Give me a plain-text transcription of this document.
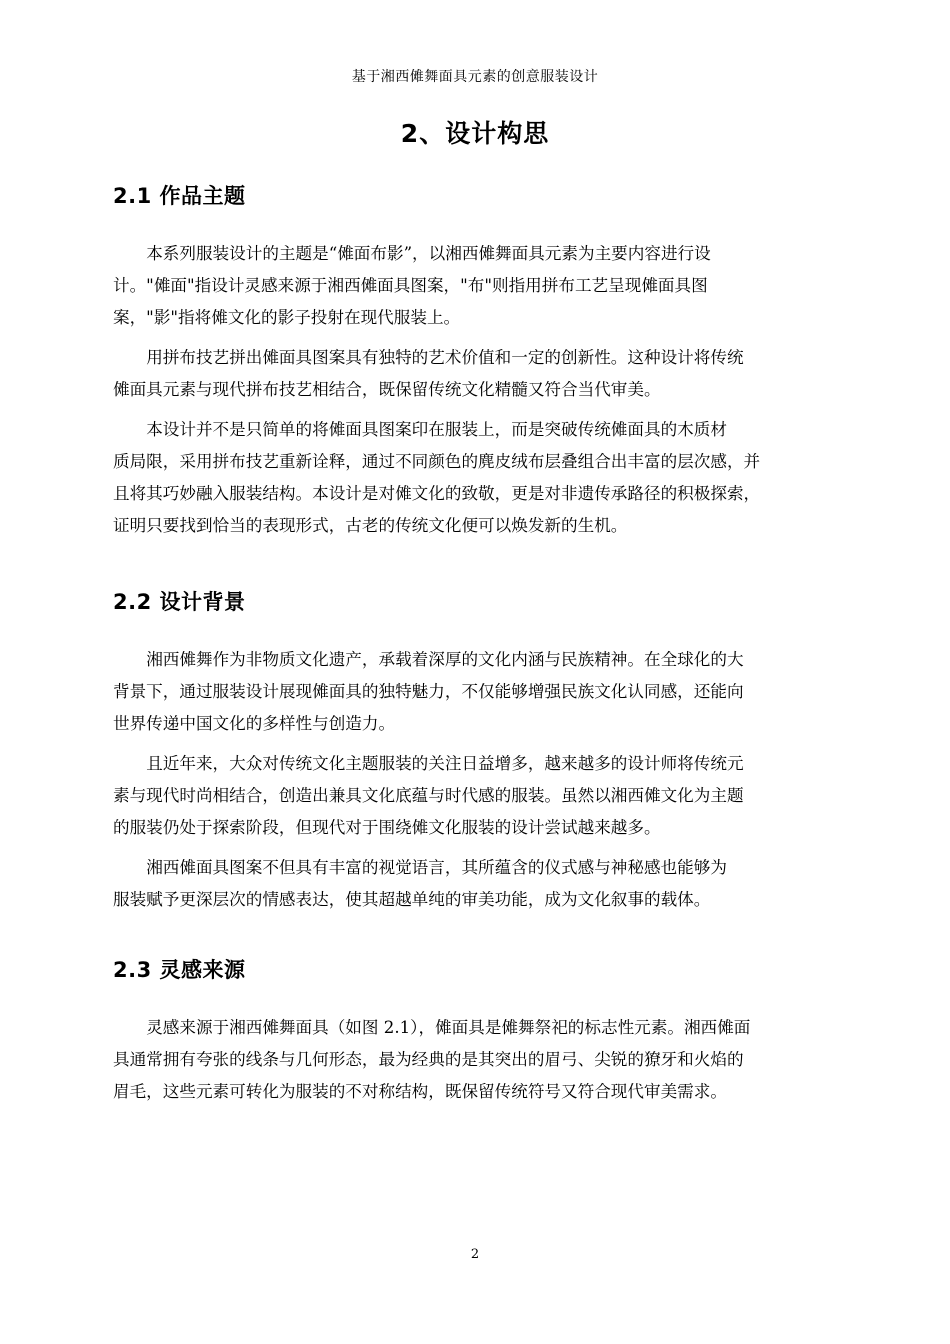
基于湘西傩舞面具元素的创意服装设计
2、设计构思
2.1 作品主题

本系列服装设计的主题是“傩面布影”，以湘西傩舞面具元素为主要内容进行设
计。"傩面"指设计灵感来源于湘西傩面具图案，"布"则指用拼布工艺呈现傩面具图
案，"影"指将傩文化的影子投射在现代服装上。

用拼布技艺拼出傩面具图案具有独特的艺术价值和一定的创新性。这种设计将传统
傩面具元素与现代拼布技艺相结合，既保留传统文化精髓又符合当代审美。

本设计并不是只简单的将傩面具图案印在服装上，而是突破传统傩面具的木质材
质局限，采用拼布技艺重新诠释，通过不同颜色的麂皮绒布层叠组合出丰富的层次感，并
且将其巧妙融入服装结构。本设计是对傩文化的致敬，更是对非遗传承路径的积极探索，
证明只要找到恰当的表现形式，古老的传统文化便可以焕发新的生机。

2.2 设计背景

湘西傩舞作为非物质文化遗产，承载着深厚的文化内涵与民族精神。在全球化的大
背景下，通过服装设计展现傩面具的独特魅力，不仅能够增强民族文化认同感，还能向
世界传递中国文化的多样性与创造力。

且近年来，大众对传统文化主题服装的关注日益增多，越来越多的设计师将传统元
素与现代时尚相结合，创造出兼具文化底蕴与时代感的服装。虽然以湘西傩文化为主题
的服装仍处于探索阶段，但现代对于围绕傩文化服装的设计尝试越来越多。

湘西傩面具图案不但具有丰富的视觉语言，其所蕴含的仪式感与神秘感也能够为
服装赋予更深层次的情感表达，使其超越单纯的审美功能，成为文化叙事的载体。

2.3 灵感来源

灵感来源于湘西傩舞面具（如图 2.1），傩面具是傩舞祭祀的标志性元素。湘西傩面
具通常拥有夸张的线条与几何形态，最为经典的是其突出的眉弓、尖锐的獠牙和火焰的
眉毛，这些元素可转化为服装的不对称结构，既保留传统符号又符合现代审美需求。

2
